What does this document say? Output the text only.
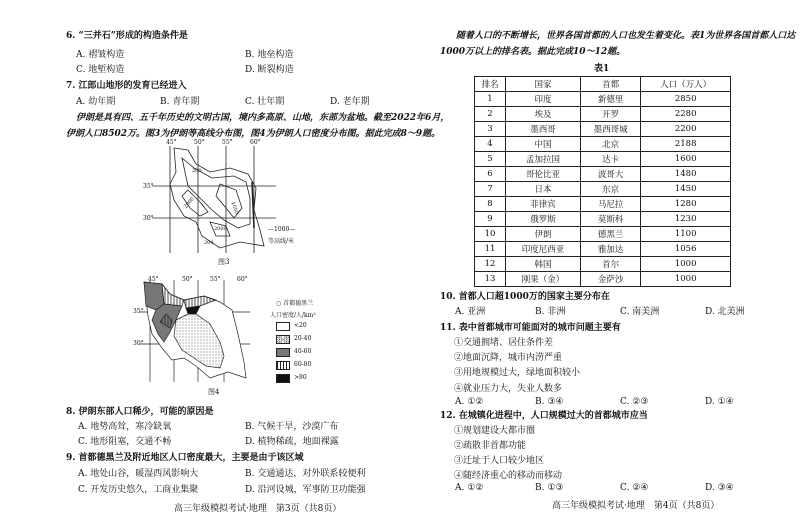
6. “三并石”形成的构造条件是
A. 褶皱构造	B. 地垒构造
C. 地堑构造	D. 断裂构造
7. 江郎山地形的发育已经进入
A. 幼年期	B. 青年期	C. 壮年期	D. 老年期
伊朗是具有四、五千年历史的文明古国，境内多高原、山地，东部为盆地。截至2022年6月，
伊朗人口8502万。图3为伊朗等高线分布图，图4为伊朗人口密度分布图。据此完成8～9题。
45°	50°	55°	60°
35°
30°
200
2000	1000
2000
200
—1000—
等高线/米
图3
45°	50°	55°	60°
35°
30°
○ 首都德黑兰
人口密度/人/km²
<20
20-40
40-60
60-80
>80
图4
8. 伊朗东部人口稀少，可能的原因是
A. 地势高耸，寒冷缺氧	B. 气候干旱，沙漠广布
C. 地形阻塞，交通不畅	D. 植物稀疏，地面裸露
9. 首都德黑兰及附近地区人口密度最大，主要是由于该区域
A. 地处山谷，暖湿西风影响大	B. 交通通达，对外联系较便利
C. 开发历史悠久，工商业集聚	D. 沿河设城，军事防卫功能强
高三年级模拟考试·地理　第3页（共8页）
随着人口的不断增长，世界各国首都的人口也发生着变化。表1为世界各国首都人口达
1000万以上的排名表。据此完成10～12题。
表1
排名	国家	首都	人口（万人）
1	印度	新德里	2850
2	埃及	开罗	2280
3	墨西哥	墨西哥城	2200
4	中国	北京	2188
5	孟加拉国	达卡	1600
6	哥伦比亚	波哥大	1480
7	日本	东京	1450
8	菲律宾	马尼拉	1280
9	俄罗斯	莫斯科	1230
10	伊朗	德黑兰	1100
11	印度尼西亚	雅加达	1056
12	韩国	首尔	1000
13	刚果（金）	金萨沙	1000
10. 首都人口超1000万的国家主要分布在
A. 亚洲	B. 非洲	C. 南美洲	D. 北美洲
11. 表中首都城市可能面对的城市问题主要有
①交通拥堵、居住条件差
②地面沉降，城市内涝严重
③用地规模过大，绿地面积较小
④就业压力大，失业人数多
A. ①②	B. ③④	C. ②③	D. ①④
12. 在城镇化进程中，人口规模过大的首都城市应当
①规划建设大都市圈
②疏散非首都功能
③迁址于人口较少地区
④随经济重心的移动而移动
A. ①②	B. ①③	C. ②④	D. ③④
高三年级模拟考试·地理　第4页（共8页）
